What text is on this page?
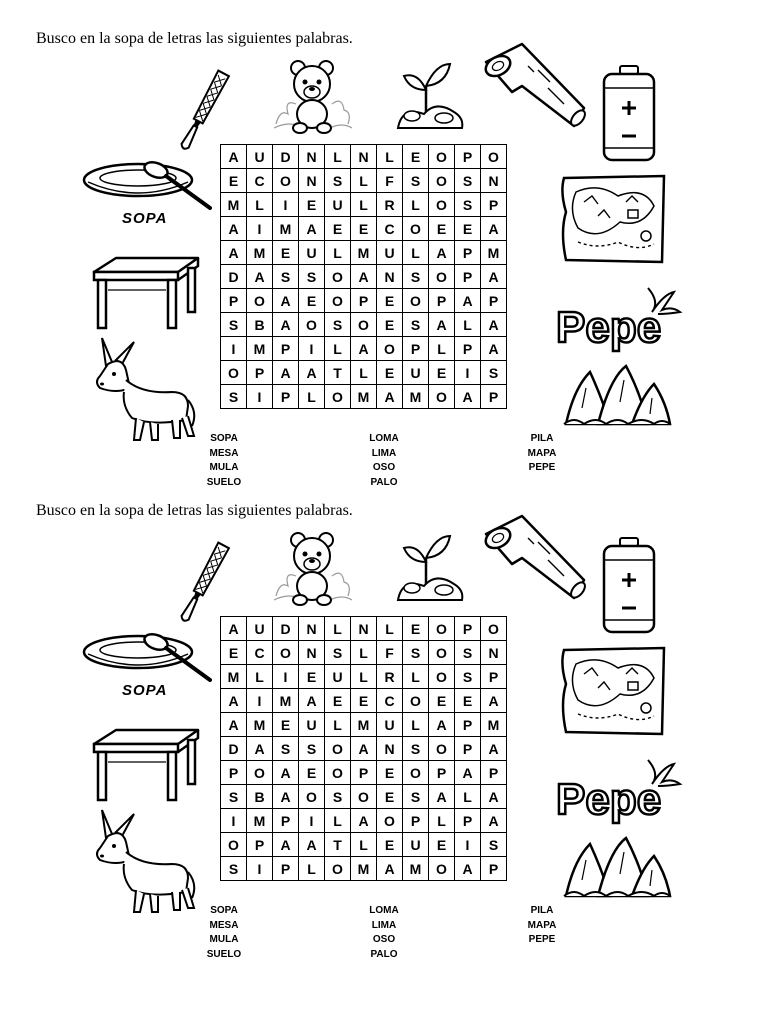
Busco en la sopa de letras las siguientes palabras.

SOPA
Pepe
A	U	D	N	L	N	L	E	O	P	O
E	C	O	N	S	L	F	S	O	S	N
M	L	I	E	U	L	R	L	O	S	P
A	I	M	A	E	E	C	O	E	E	A
A	M	E	U	L	M	U	L	A	P	M
D	A	S	S	O	A	N	S	O	P	A
P	O	A	E	O	P	E	O	P	A	P
S	B	A	O	S	O	E	S	A	L	A
I	M	P	I	L	A	O	P	L	P	A
O	P	A	A	T	L	E	U	E	I	S
S	I	P	L	O	M	A	M	O	A	P
SOPA
MESA
MULA
SUELO
LOMA
LIMA
OSO
PALO
PILA
MAPA
PEPE

Busco en la sopa de letras las siguientes palabras.

SOPA
Pepe
A	U	D	N	L	N	L	E	O	P	O
E	C	O	N	S	L	F	S	O	S	N
M	L	I	E	U	L	R	L	O	S	P
A	I	M	A	E	E	C	O	E	E	A
A	M	E	U	L	M	U	L	A	P	M
D	A	S	S	O	A	N	S	O	P	A
P	O	A	E	O	P	E	O	P	A	P
S	B	A	O	S	O	E	S	A	L	A
I	M	P	I	L	A	O	P	L	P	A
O	P	A	A	T	L	E	U	E	I	S
S	I	P	L	O	M	A	M	O	A	P
SOPA
MESA
MULA
SUELO
LOMA
LIMA
OSO
PALO
PILA
MAPA
PEPE
